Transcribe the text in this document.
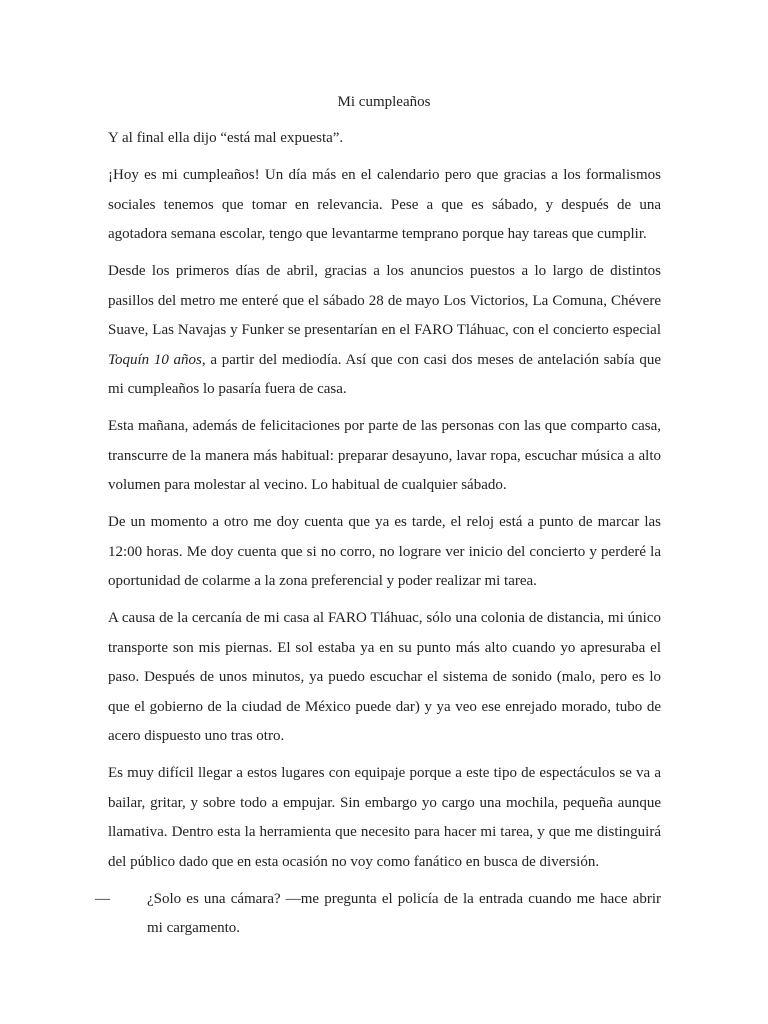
Mi cumpleaños

Y al final ella dijo “está mal expuesta”.

¡Hoy es mi cumpleaños! Un día más en el calendario pero que gracias a los formalismos sociales tenemos que tomar en relevancia. Pese a que es sábado, y después de una agotadora semana escolar, tengo que levantarme temprano porque hay tareas que cumplir.

Desde los primeros días de abril, gracias a los anuncios puestos a lo largo de distintos pasillos del metro me enteré que el sábado 28 de mayo Los Victorios, La Comuna, Chévere Suave, Las Navajas y Funker se presentarían en el FARO Tláhuac, con el concierto especial Toquín 10 años, a partir del mediodía. Así que con casi dos meses de antelación sabía que mi cumpleaños lo pasaría fuera de casa.

Esta mañana, además de felicitaciones por parte de las personas con las que comparto casa, transcurre de la manera más habitual: preparar desayuno, lavar ropa, escuchar música a alto volumen para molestar al vecino. Lo habitual de cualquier sábado.

De un momento a otro me doy cuenta que ya es tarde, el reloj está a punto de marcar las 12:00 horas. Me doy cuenta que si no corro, no lograre ver inicio del concierto y perderé la oportunidad de colarme a la zona preferencial y poder realizar mi tarea.

A causa de la cercanía de mi casa al FARO Tláhuac, sólo una colonia de distancia, mi único transporte son mis piernas. El sol estaba ya en su punto más alto cuando yo apresuraba el paso. Después de unos minutos, ya puedo escuchar el sistema de sonido (malo, pero es lo que el gobierno de la ciudad de México puede dar) y ya veo ese enrejado morado, tubo de acero dispuesto uno tras otro.

Es muy difícil llegar a estos lugares con equipaje porque a este tipo de espectáculos se va a bailar, gritar, y sobre todo a empujar. Sin embargo yo cargo una mochila, pequeña aunque llamativa. Dentro esta la herramienta que necesito para hacer mi tarea, y que me distinguirá del público dado que en esta ocasión no voy como fanático en busca de diversión.

— ¿Solo es una cámara? —me pregunta el policía de la entrada cuando me hace abrir mi cargamento.
